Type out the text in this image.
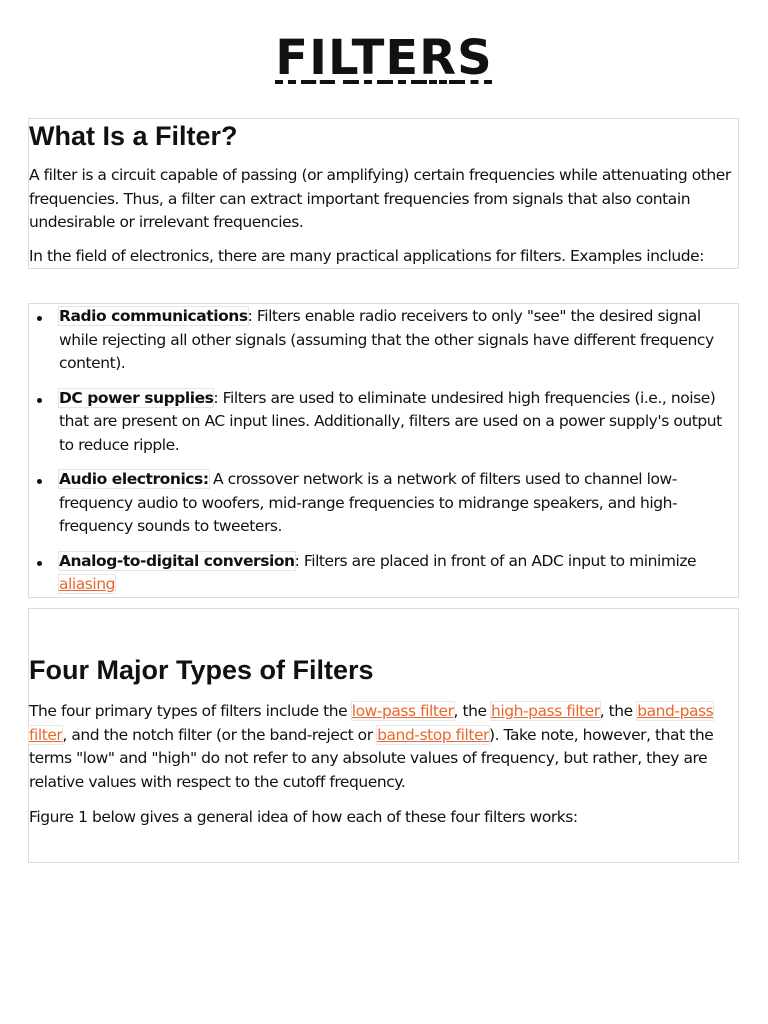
FILTERS
What Is a Filter?

A filter is a circuit capable of passing (or amplifying) certain frequencies while attenuating other frequencies. Thus, a filter can extract important frequencies from signals that also contain undesirable or irrelevant frequencies.

In the field of electronics, there are many practical applications for filters. Examples include:

Radio communications: Filters enable radio receivers to only "see" the desired signal while rejecting all other signals (assuming that the other signals have different frequency content).
DC power supplies: Filters are used to eliminate undesired high frequencies (i.e., noise) that are present on AC input lines. Additionally, filters are used on a power supply's output to reduce ripple.
Audio electronics: A crossover network is a network of filters used to channel low-frequency audio to woofers, mid-range frequencies to midrange speakers, and high-frequency sounds to tweeters.
Analog-to-digital conversion: Filters are placed in front of an ADC input to minimize aliasing
Four Major Types of Filters

The four primary types of filters include the low-pass filter, the high-pass filter, the band-pass filter, and the notch filter (or the band-reject or band-stop filter). Take note, however, that the terms "low" and "high" do not refer to any absolute values of frequency, but rather, they are relative values with respect to the cutoff frequency.

Figure 1 below gives a general idea of how each of these four filters works:
